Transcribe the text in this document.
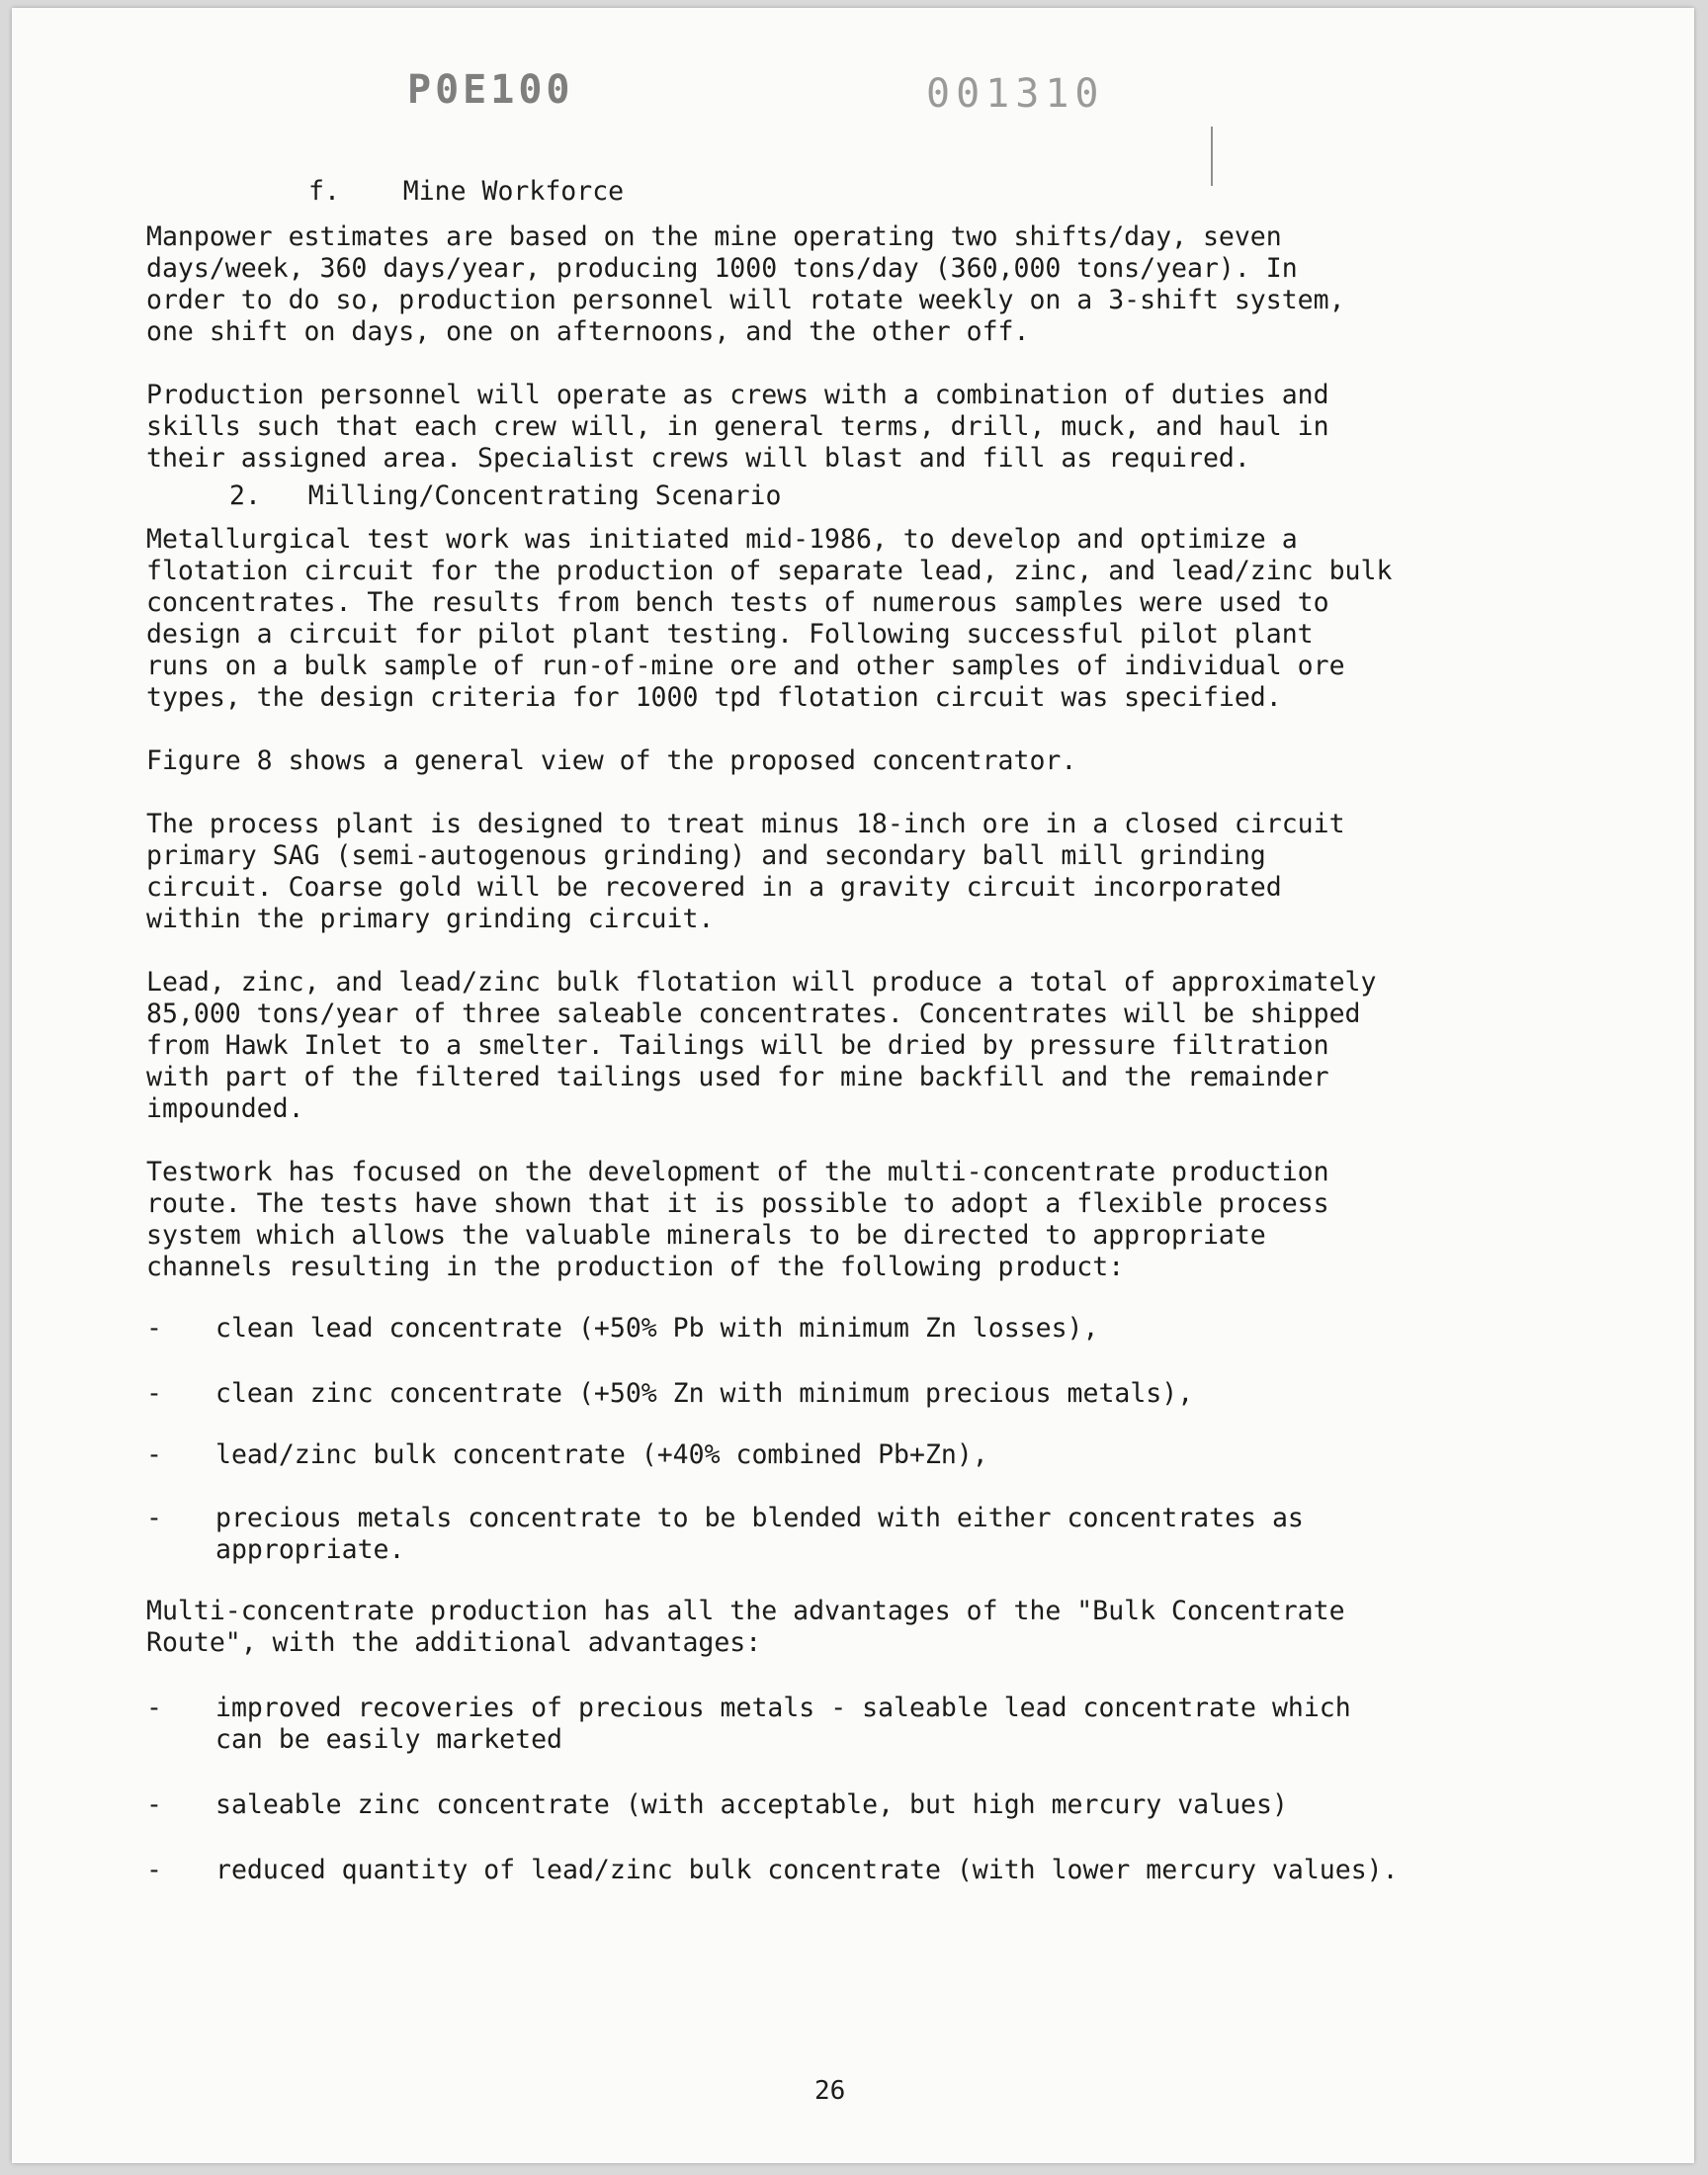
P0E100	001310
f. Mine Workforce

Manpower estimates are based on the mine operating two shifts/day, seven
days/week, 360 days/year, producing 1000 tons/day (360,000 tons/year). In
order to do so, production personnel will rotate weekly on a 3-shift system,
one shift on days, one on afternoons, and the other off.

Production personnel will operate as crews with a combination of duties and
skills such that each crew will, in general terms, drill, muck, and haul in
their assigned area. Specialist crews will blast and fill as required.

2. Milling/Concentrating Scenario

Metallurgical test work was initiated mid-1986, to develop and optimize a
flotation circuit for the production of separate lead, zinc, and lead/zinc bulk
concentrates. The results from bench tests of numerous samples were used to
design a circuit for pilot plant testing. Following successful pilot plant
runs on a bulk sample of run-of-mine ore and other samples of individual ore
types, the design criteria for 1000 tpd flotation circuit was specified.

Figure 8 shows a general view of the proposed concentrator.

The process plant is designed to treat minus 18-inch ore in a closed circuit
primary SAG (semi-autogenous grinding) and secondary ball mill grinding
circuit. Coarse gold will be recovered in a gravity circuit incorporated
within the primary grinding circuit.

Lead, zinc, and lead/zinc bulk flotation will produce a total of approximately
85,000 tons/year of three saleable concentrates. Concentrates will be shipped
from Hawk Inlet to a smelter. Tailings will be dried by pressure filtration
with part of the filtered tailings used for mine backfill and the remainder
impounded.

Testwork has focused on the development of the multi-concentrate production
route. The tests have shown that it is possible to adopt a flexible process
system which allows the valuable minerals to be directed to appropriate
channels resulting in the production of the following product:

-	clean lead concentrate (+50% Pb with minimum Zn losses),
-	clean zinc concentrate (+50% Zn with minimum precious metals),
-	lead/zinc bulk concentrate (+40% combined Pb+Zn),
-	precious metals concentrate to be blended with either concentrates as
appropriate.

Multi-concentrate production has all the advantages of the "Bulk Concentrate
Route", with the additional advantages:

-	improved recoveries of precious metals - saleable lead concentrate which
can be easily marketed
-	saleable zinc concentrate (with acceptable, but high mercury values)
-	reduced quantity of lead/zinc bulk concentrate (with lower mercury values).
26
